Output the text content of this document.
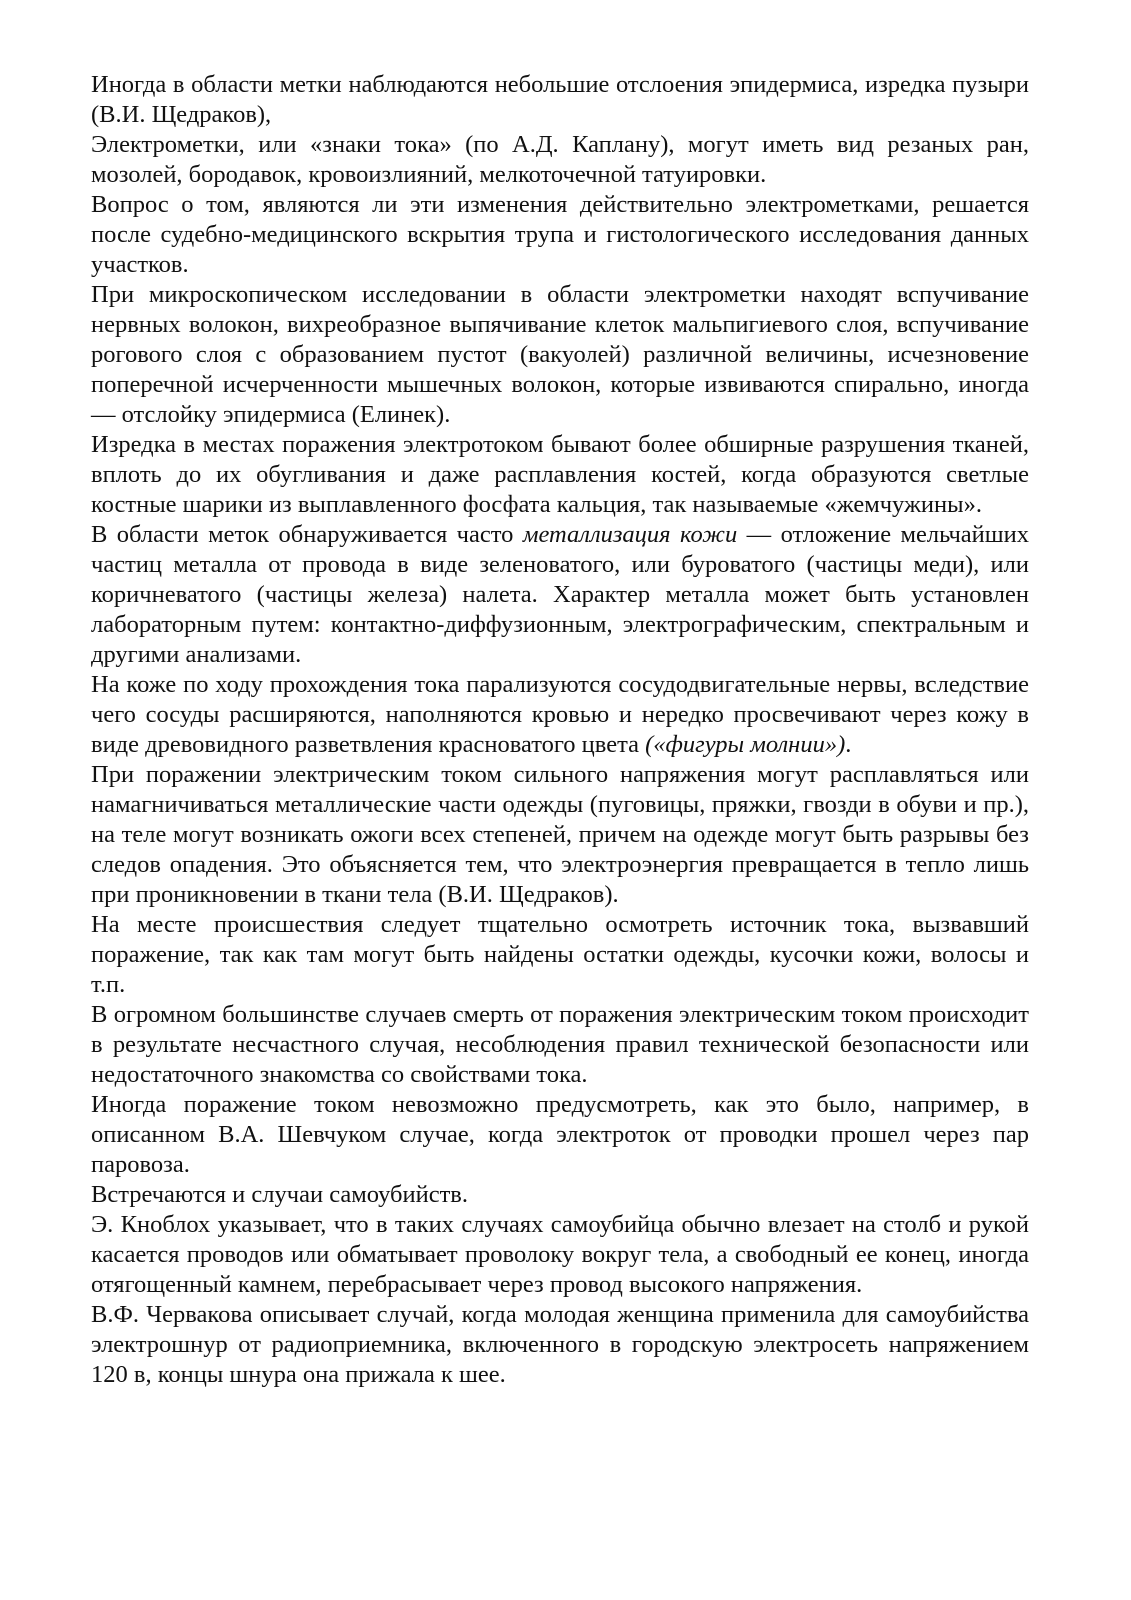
Иногда в области метки наблюдаются небольшие отслоения эпидермиса, изредка пузыри (В.И. Щедраков),

Электрометки, или «знаки тока» (по А.Д. Каплану), могут иметь вид резаных ран, мозолей, бородавок, кровоизлияний, мелкоточечной татуировки.

Вопрос о том, являются ли эти изменения действительно электрометками, решается после судебно-медицинского вскрытия трупа и гистологического исследования данных участков.

При микроскопическом исследовании в области электрометки находят вспучивание нервных волокон, вихреобразное выпячивание клеток мальпигиевого слоя, вспучивание рогового слоя с образованием пустот (вакуолей) различной величины, исчезновение поперечной исчерченности мышечных волокон, которые извиваются спирально, иногда — отслойку эпидермиса (Елинек).

Изредка в местах поражения электротоком бывают более обширные разрушения тканей, вплоть до их обугливания и даже расплавления костей, когда образуются светлые костные шарики из выплавленного фосфата кальция, так называемые «жемчужины».

В области меток обнаруживается часто металлизация кожи — отложение мельчайших частиц металла от провода в виде зеленоватого, или буроватого (частицы меди), или коричневатого (частицы железа) налета. Характер металла может быть установлен лабораторным путем: контактно-диффузионным, электрографическим, спектральным и другими анализами.

На коже по ходу прохождения тока парализуются сосудодвигательные нервы, вследствие чего сосуды расширяются, наполняются кровью и нередко просвечивают через кожу в виде древовидного разветвления красноватого цвета («фигуры молнии»).

При поражении электрическим током сильного напряжения могут расплавляться или намагничиваться металлические части одежды (пуговицы, пряжки, гвозди в обуви и пр.), на теле могут возникать ожоги всех степеней, причем на одежде могут быть разрывы без следов опадения. Это объясняется тем, что электроэнергия превращается в тепло лишь при проникновении в ткани тела (В.И. Щедраков).

На месте происшествия следует тщательно осмотреть источник тока, вызвавший поражение, так как там могут быть найдены остатки одежды, кусочки кожи, волосы и т.п.

В огромном большинстве случаев смерть от поражения электрическим током происходит в результате несчастного случая, несоблюдения правил технической безопасности или недостаточного знакомства со свойствами тока.

Иногда поражение током невозможно предусмотреть, как это было, например, в описанном В.А. Шевчуком случае, когда электроток от проводки прошел через пар паровоза.

Встречаются и случаи самоубийств.

Э. Кноблох указывает, что в таких случаях самоубийца обычно влезает на столб и рукой касается проводов или обматывает проволоку вокруг тела, а свободный ее конец, иногда отягощенный камнем, перебрасывает через провод высокого напряжения.

В.Ф. Червакова описывает случай, когда молодая женщина применила для самоубийства электрошнур от радиоприемника, включенного в городскую электросеть напряжением 120 в, концы шнура она прижала к шее.
